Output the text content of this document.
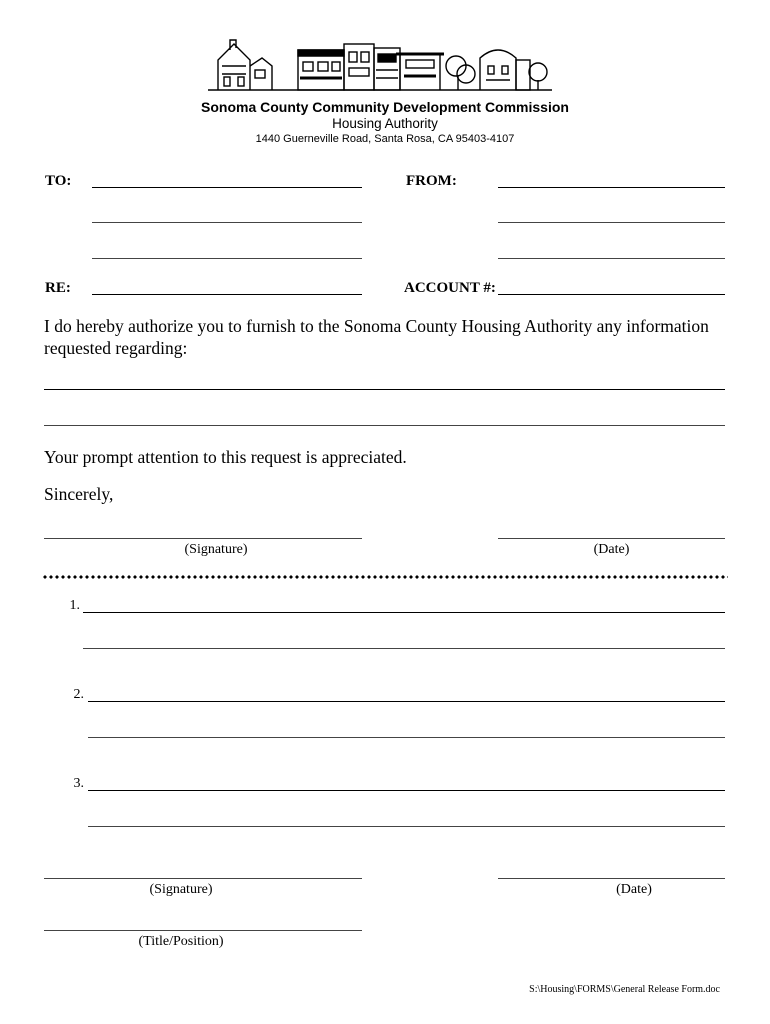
Sonoma County Community Development Commission
Housing Authority
1440 Guerneville Road, Santa Rosa, CA 95403-4107
TO:	FROM:
RE:	ACCOUNT #:
I do hereby authorize you to furnish to the Sonoma County Housing Authority any information requested regarding:
Your prompt attention to this request is appreciated.
Sincerely,
(Signature)	(Date)
1.
2.
3.
(Signature)	(Date)
(Title/Position)
S:\Housing\FORMS\General Release Form.doc
